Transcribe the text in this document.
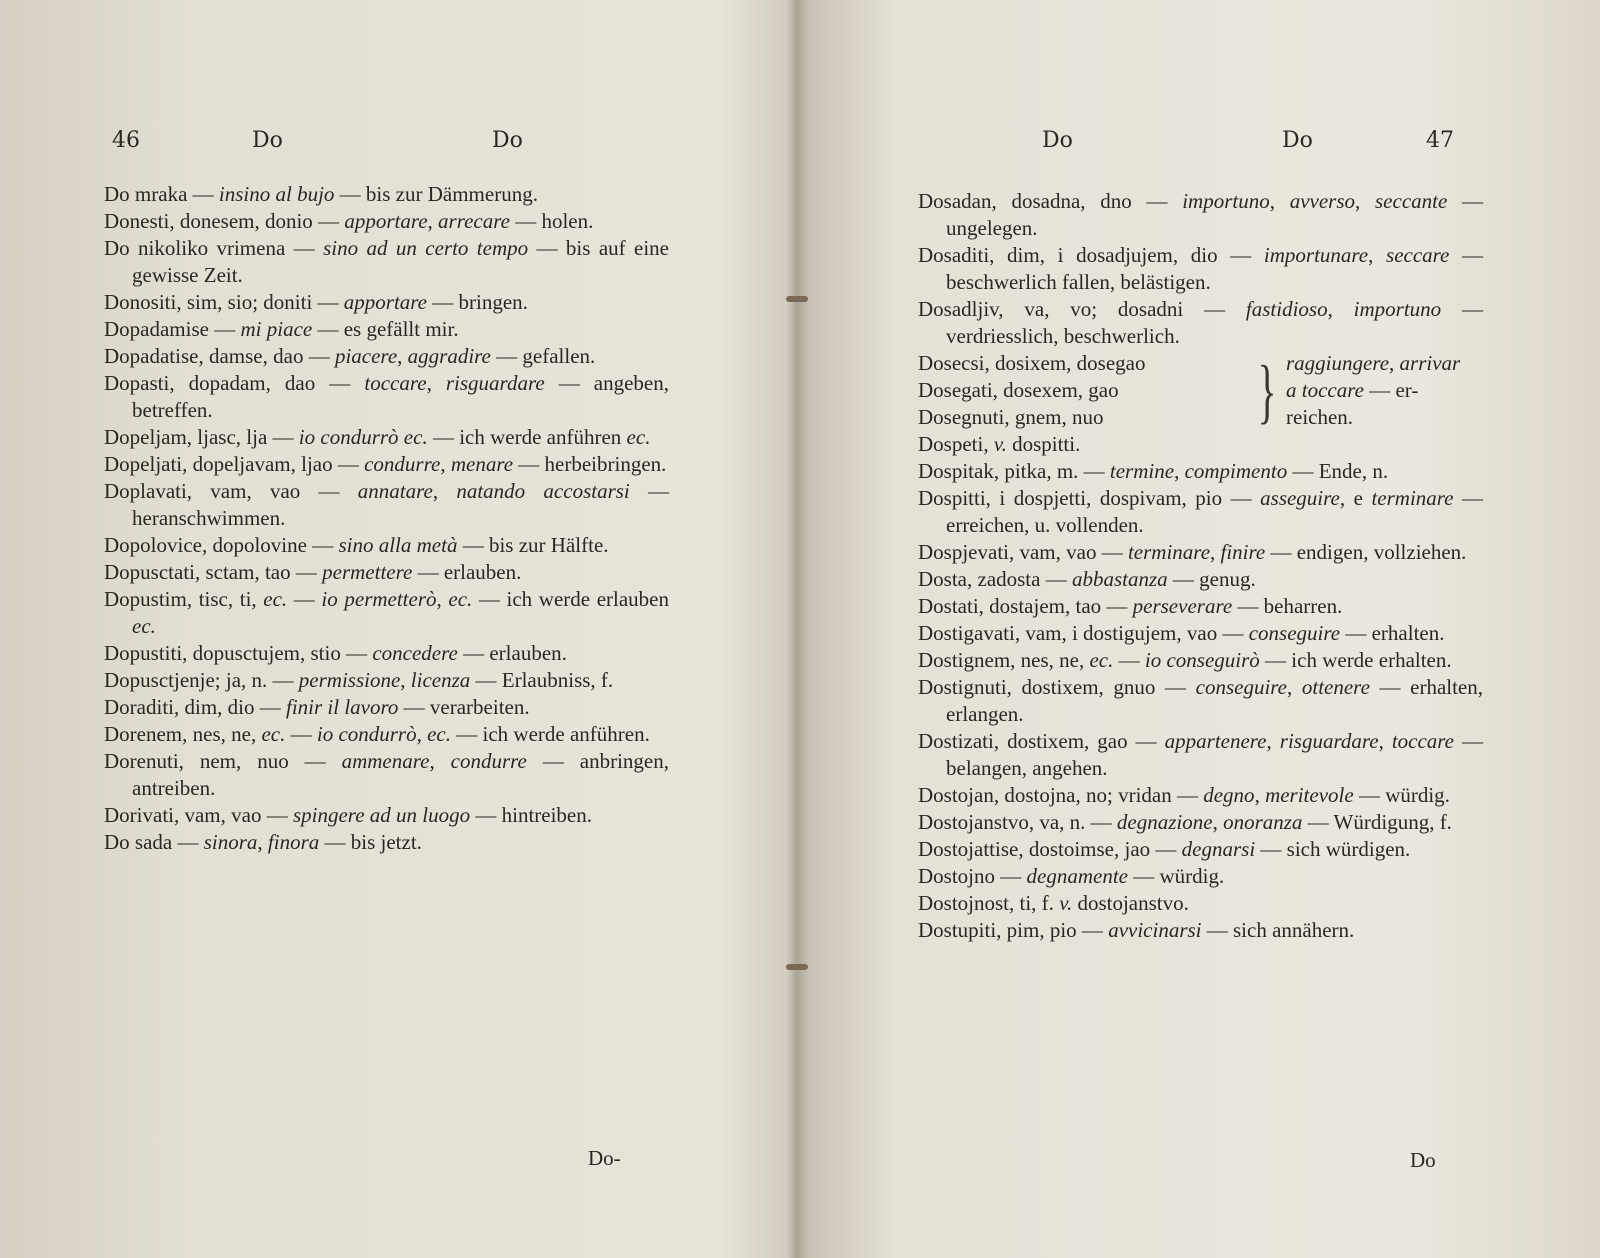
46	Do	Do
Do mraka — insino al bujo — bis zur Dämmerung.
Donesti, donesem, donio — apportare, arrecare — holen.
Do nikoliko vrimena — sino ad un certo tempo — bis auf eine gewisse Zeit.
Donositi, sim, sio; doniti — apportare — bringen.
Dopadamise — mi piace — es gefällt mir.
Dopadatise, damse, dao — piacere, aggradire — gefallen.
Dopasti, dopadam, dao — toccare, risguardare — angeben, betreffen.
Dopeljam, ljasc, lja — io condurrò ec. — ich werde anführen ec.
Dopeljati, dopeljavam, ljao — condurre, menare — herbeibringen.
Doplavati, vam, vao — annatare, natando accostarsi — heranschwimmen.
Dopolovice, dopolovine — sino alla metà — bis zur Hälfte.
Dopusctati, sctam, tao — permettere — erlauben.
Dopustim, tisc, ti, ec. — io permetterò, ec. — ich werde erlauben ec.
Dopustiti, dopusctujem, stio — concedere — erlauben.
Dopusctjenje; ja, n. — permissione, licenza — Erlaubniss, f.
Doraditi, dim, dio — finir il lavoro — verarbeiten.
Dorenem, nes, ne, ec. — io condurrò, ec. — ich werde anführen.
Dorenuti, nem, nuo — ammenare, condurre — anbringen, antreiben.
Dorivati, vam, vao — spingere ad un luogo — hintreiben.
Do sada — sinora, finora — bis jetzt.
Do-
Do	Do	47
Dosadan, dosadna, dno — importuno, avverso, seccante — ungelegen.
Dosaditi, dim, i dosadjujem, dio — importunare, seccare — beschwerlich fallen, belästigen.
Dosadljiv, va, vo; dosadni — fastidioso, importuno — verdriesslich, beschwerlich.
Dosecsi, dosixem, dosegao
Dosegati, dosexem, gao
Dosegnuti, gnem, nuo	} raggiungere, arrivar
a toccare — er-
reichen.
Dospeti, v. dospitti.
Dospitak, pitka, m. — termine, compimento — Ende, n.
Dospitti, i dospjetti, dospivam, pio — asseguire, e terminare — erreichen, u. vollenden.
Dospjevati, vam, vao — terminare, finire — endigen, vollziehen.
Dosta, zadosta — abbastanza — genug.
Dostati, dostajem, tao — perseverare — beharren.
Dostigavati, vam, i dostigujem, vao — conseguire — erhalten.
Dostignem, nes, ne, ec. — io conseguirò — ich werde erhalten.
Dostignuti, dostixem, gnuo — conseguire, ottenere — erhalten, erlangen.
Dostizati, dostixem, gao — appartenere, risguardare, toccare — belangen, angehen.
Dostojan, dostojna, no; vridan — degno, meritevole — würdig.
Dostojanstvo, va, n. — degnazione, onoranza — Würdigung, f.
Dostojattise, dostoimse, jao — degnarsi — sich würdigen.
Dostojno — degnamente — würdig.
Dostojnost, ti, f. v. dostojanstvo.
Dostupiti, pim, pio — avvicinarsi — sich annähern.
Do
